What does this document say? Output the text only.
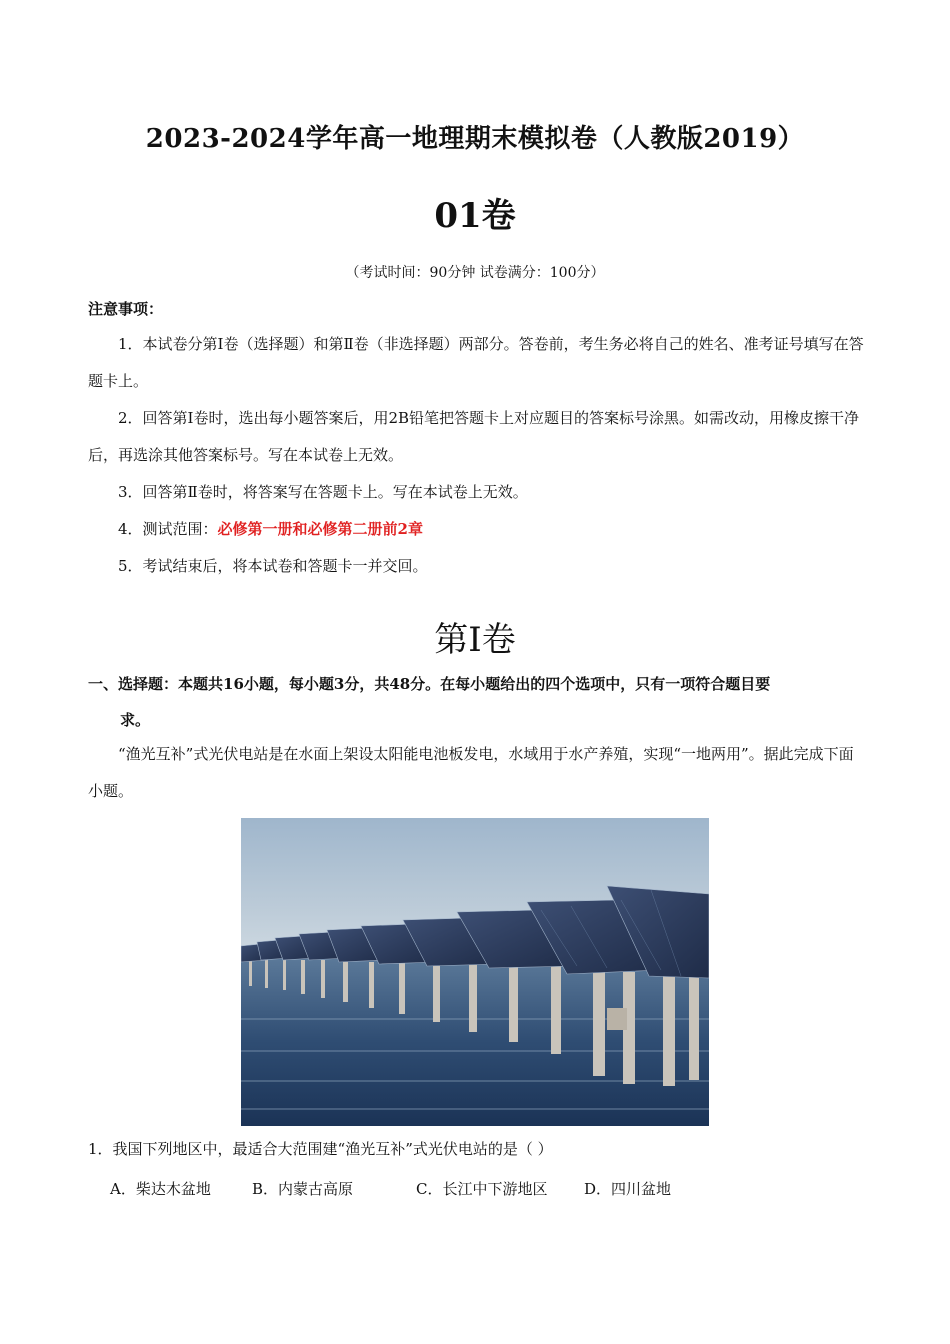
2023-2024学年高一地理期末模拟卷（人教版2019）
01卷
（考试时间：90分钟 试卷满分：100分）
注意事项：

1．本试卷分第Ⅰ卷（选择题）和第Ⅱ卷（非选择题）两部分。答卷前，考生务必将自己的姓名、准考证号填写在答题卡上。

2．回答第Ⅰ卷时，选出每小题答案后，用2B铅笔把答题卡上对应题目的答案标号涂黑。如需改动，用橡皮擦干净后，再选涂其他答案标号。写在本试卷上无效。

3．回答第Ⅱ卷时，将答案写在答题卡上。写在本试卷上无效。

4．测试范围：必修第一册和必修第二册前2章

5．考试结束后，将本试卷和答题卡一并交回。

第Ⅰ卷
一、选择题：本题共16小题，每小题3分，共48分。在每小题给出的四个选项中，只有一项符合题目要
求。

“渔光互补”式光伏电站是在水面上架设太阳能电池板发电，水域用于水产养殖，实现“一地两用”。据此完成下面小题。

1．我国下列地区中，最适合大范围建“渔光互补”式光伏电站的是（ ）
A．柴达木盆地	B．内蒙古高原	C．长江中下游地区 D．四川盆地
